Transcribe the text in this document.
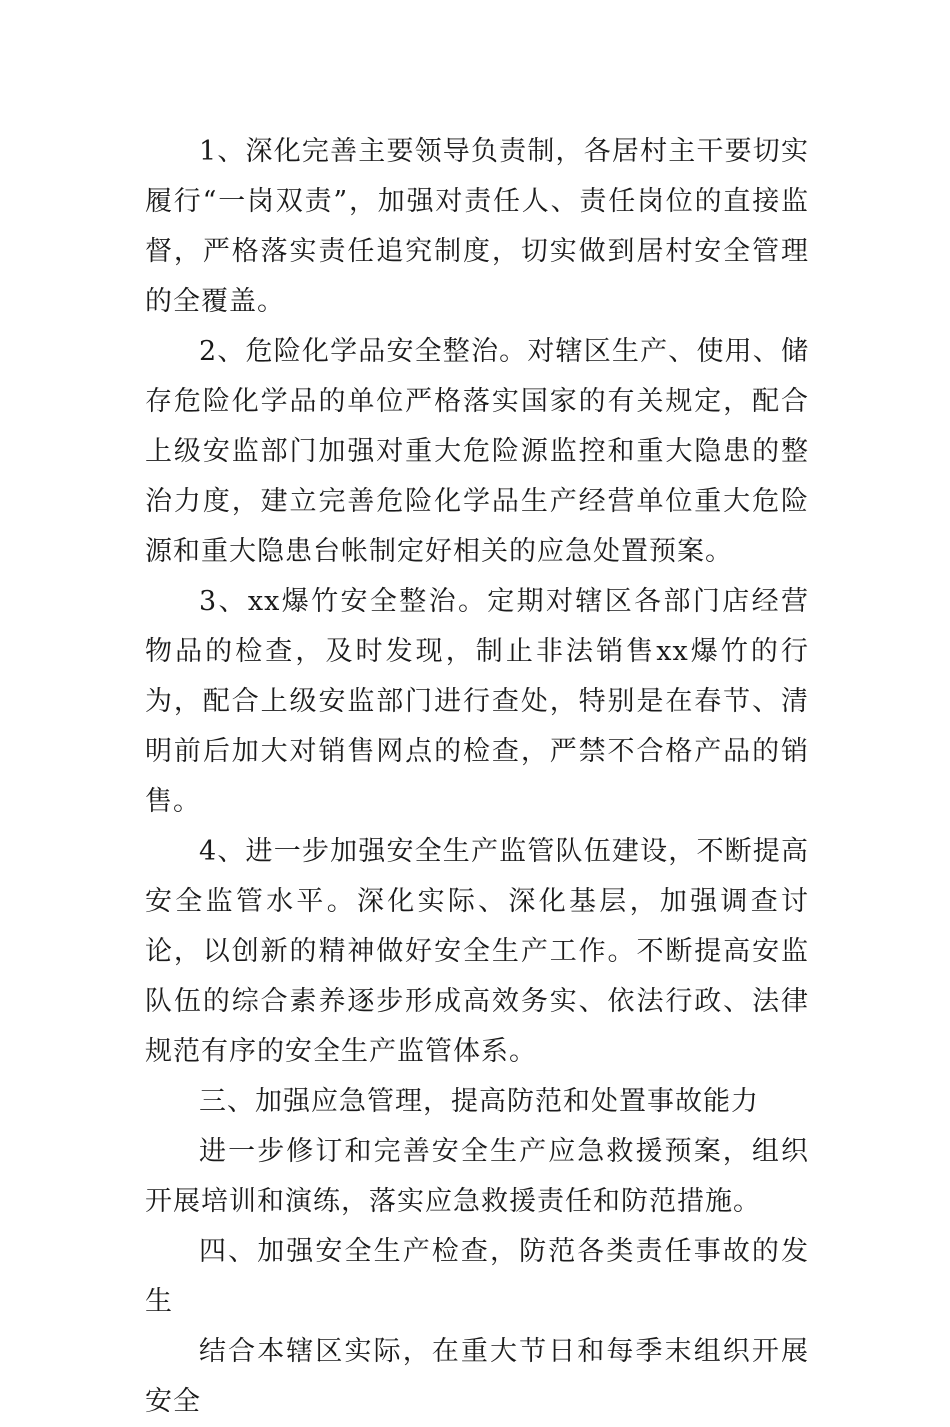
1、深化完善主要领导负责制，各居村主干要切实履行“一岗双责”，加强对责任人、责任岗位的直接监督，严格落实责任追究制度，切实做到居村安全管理的全覆盖。

2、危险化学品安全整治。对辖区生产、使用、储存危险化学品的单位严格落实国家的有关规定，配合上级安监部门加强对重大危险源监控和重大隐患的整治力度，建立完善危险化学品生产经营单位重大危险源和重大隐患台帐制定好相关的应急处置预案。

3、xx爆竹安全整治。定期对辖区各部门店经营物品的检查，及时发现，制止非法销售xx爆竹的行为，配合上级安监部门进行查处，特别是在春节、清明前后加大对销售网点的检查，严禁不合格产品的销售。

4、进一步加强安全生产监管队伍建设，不断提高安全监管水平。深化实际、深化基层，加强调查讨论，以创新的精神做好安全生产工作。不断提高安监队伍的综合素养逐步形成高效务实、依法行政、法律规范有序的安全生产监管体系。

三、加强应急管理，提高防范和处置事故能力

进一步修订和完善安全生产应急救援预案，组织开展培训和演练，落实应急救援责任和防范措施。

四、加强安全生产检查，防范各类责任事故的发生

结合本辖区实际，在重大节日和每季末组织开展安全
